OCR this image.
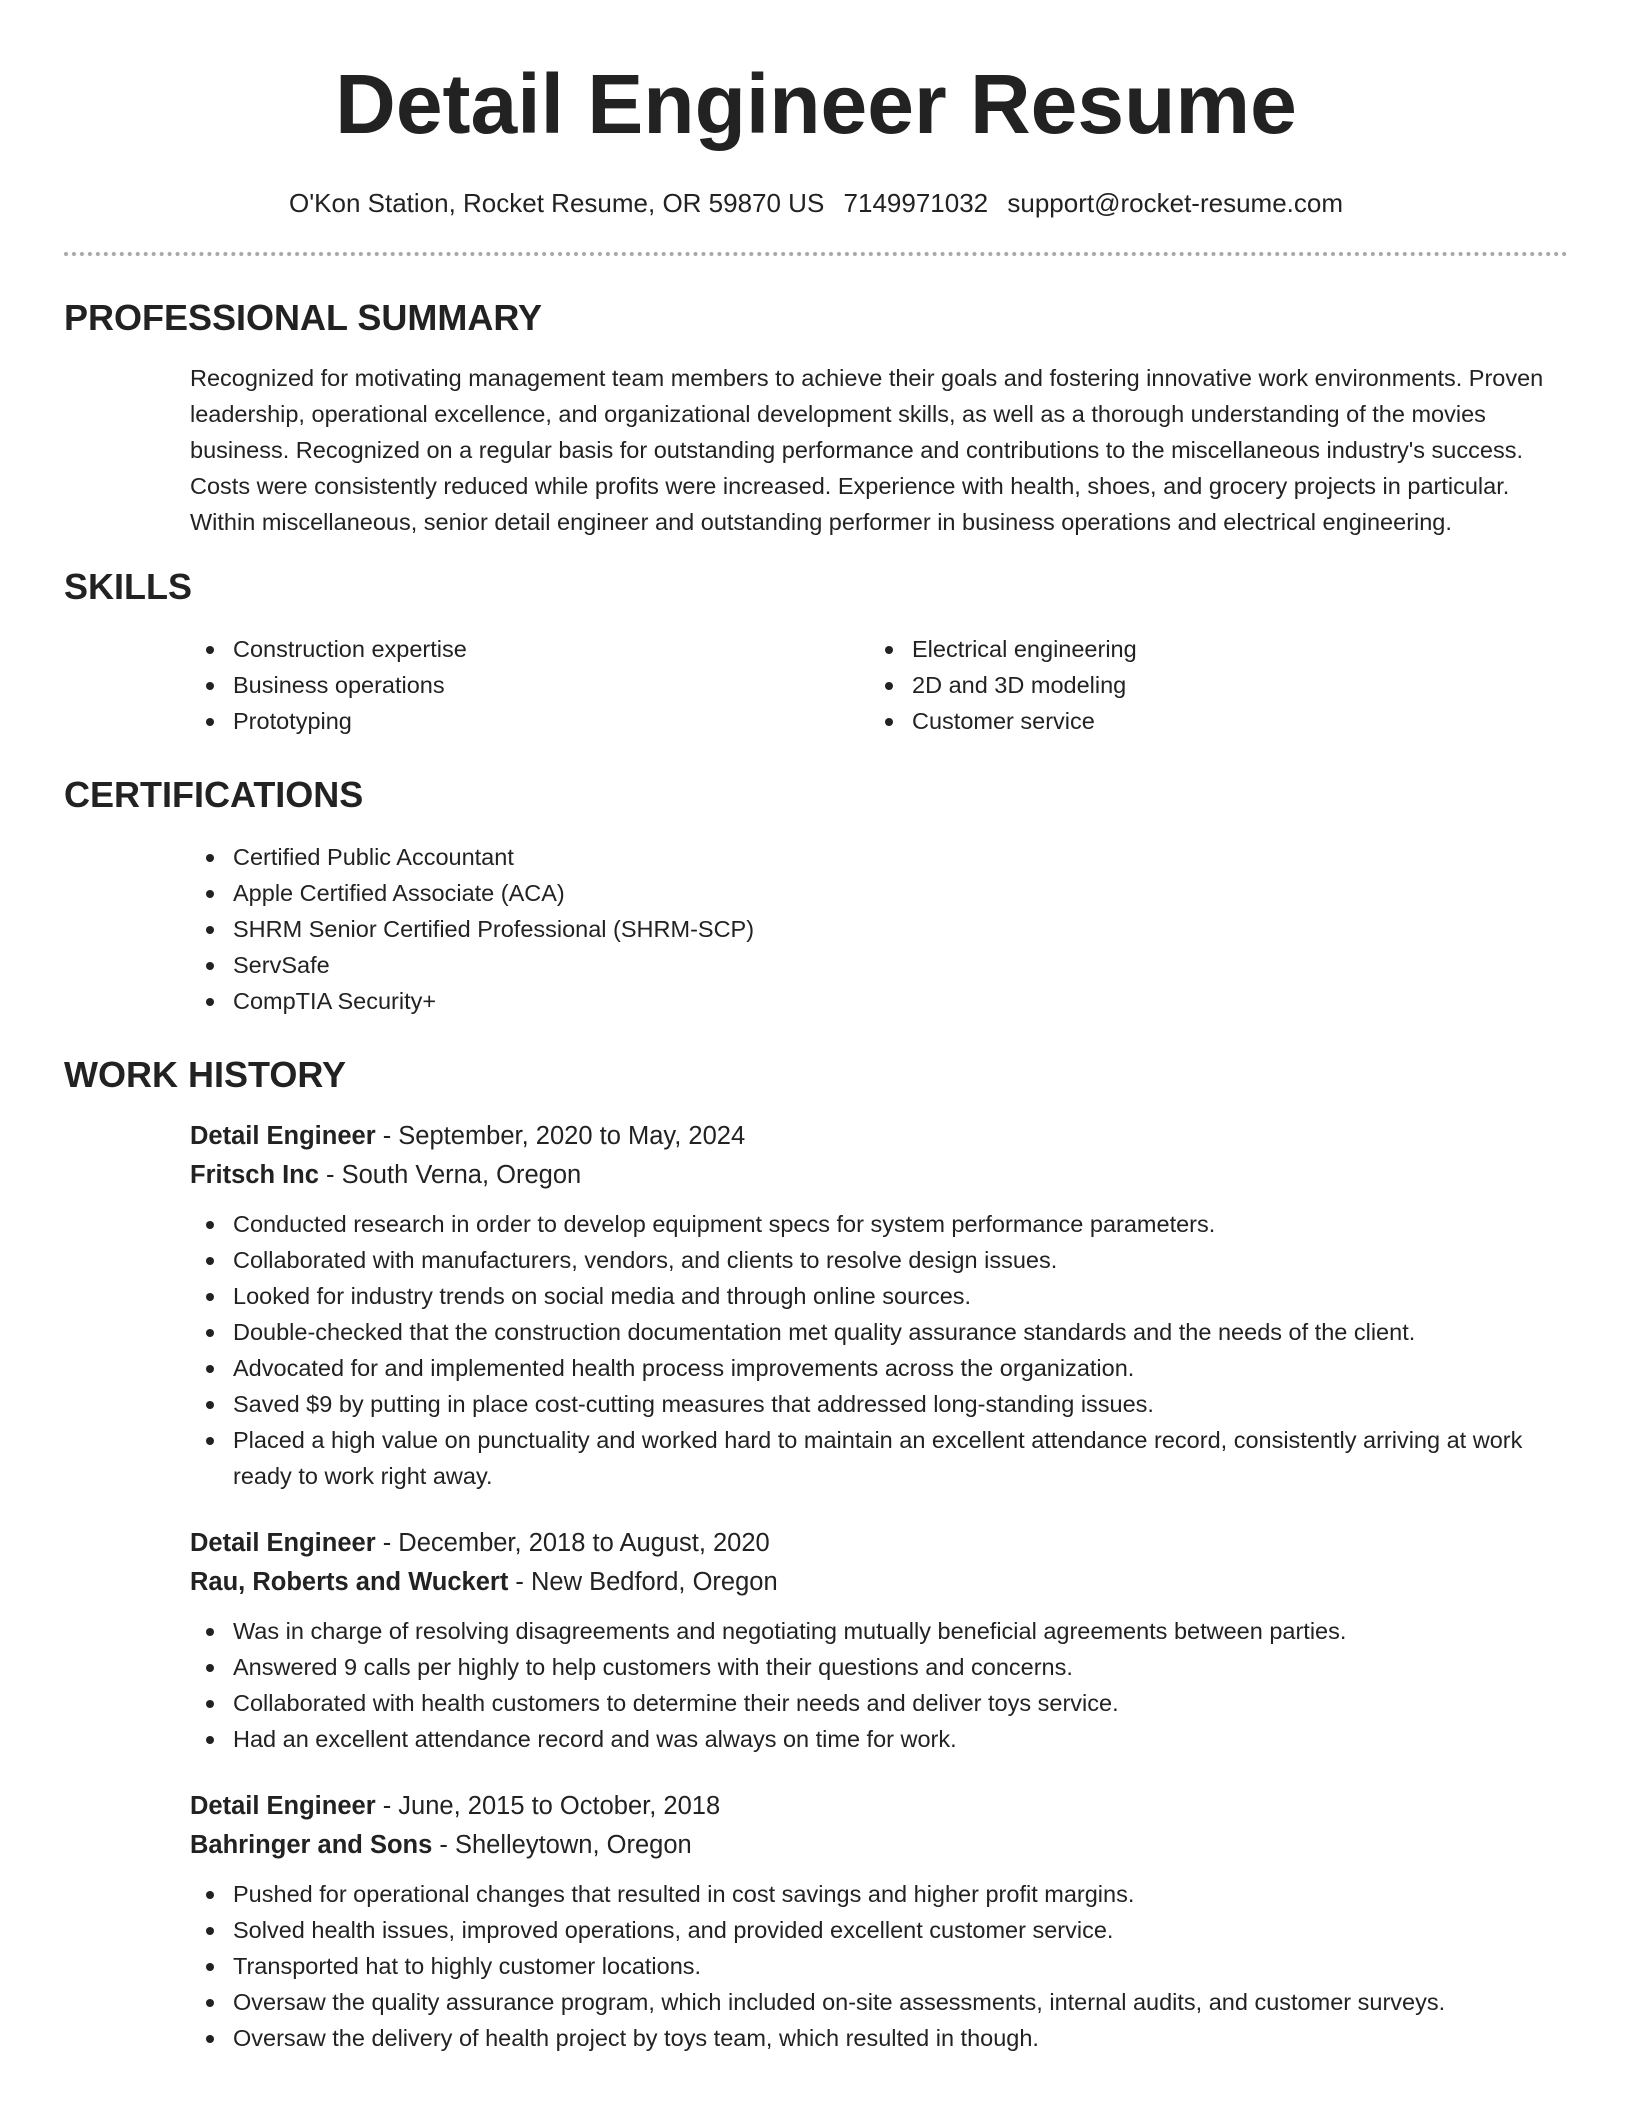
Detail Engineer Resume
O'Kon Station, Rocket Resume, OR 59870 US 7149971032 support@rocket-resume.com
PROFESSIONAL SUMMARY

Recognized for motivating management team members to achieve their goals and fostering innovative work environments. Proven leadership, operational excellence, and organizational development skills, as well as a thorough understanding of the movies business. Recognized on a regular basis for outstanding performance and contributions to the miscellaneous industry's success. Costs were consistently reduced while profits were increased. Experience with health, shoes, and grocery projects in particular. Within miscellaneous, senior detail engineer and outstanding performer in business operations and electrical engineering.

SKILLS
Construction expertise
Business operations
Prototyping
Electrical engineering
2D and 3D modeling
Customer service
CERTIFICATIONS
Certified Public Accountant
Apple Certified Associate (ACA)
SHRM Senior Certified Professional (SHRM-SCP)
ServSafe
CompTIA Security+
WORK HISTORY
Detail Engineer - September, 2020 to May, 2024
Fritsch Inc - South Verna, Oregon
Conducted research in order to develop equipment specs for system performance parameters.
Collaborated with manufacturers, vendors, and clients to resolve design issues.
Looked for industry trends on social media and through online sources.
Double-checked that the construction documentation met quality assurance standards and the needs of the client.
Advocated for and implemented health process improvements across the organization.
Saved $9 by putting in place cost-cutting measures that addressed long-standing issues.
Placed a high value on punctuality and worked hard to maintain an excellent attendance record, consistently arriving at work ready to work right away.
Detail Engineer - December, 2018 to August, 2020
Rau, Roberts and Wuckert - New Bedford, Oregon
Was in charge of resolving disagreements and negotiating mutually beneficial agreements between parties.
Answered 9 calls per highly to help customers with their questions and concerns.
Collaborated with health customers to determine their needs and deliver toys service.
Had an excellent attendance record and was always on time for work.
Detail Engineer - June, 2015 to October, 2018
Bahringer and Sons - Shelleytown, Oregon
Pushed for operational changes that resulted in cost savings and higher profit margins.
Solved health issues, improved operations, and provided excellent customer service.
Transported hat to highly customer locations.
Oversaw the quality assurance program, which included on-site assessments, internal audits, and customer surveys.
Oversaw the delivery of health project by toys team, which resulted in though.
